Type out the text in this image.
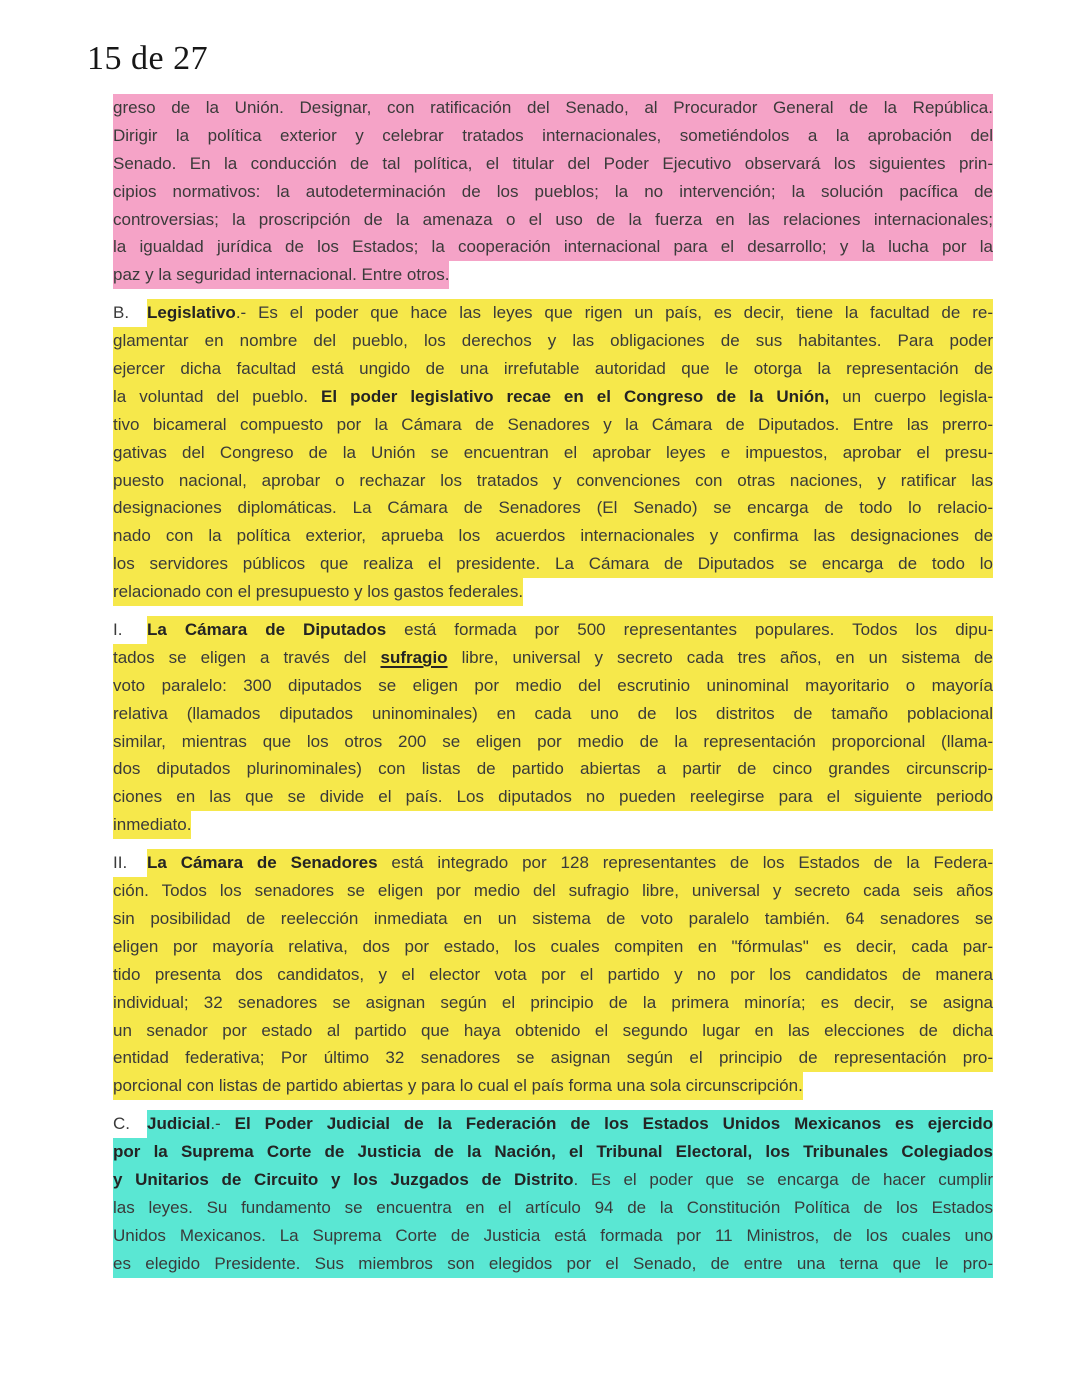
15 de 27
greso de la Unión. Designar, con ratificación del Senado, al Procurador General de la República.
Dirigir la política exterior y celebrar tratados internacionales, sometiéndolos a la aprobación del
Senado. En la conducción de tal política, el titular del Poder Ejecutivo observará los siguientes prin-
cipios normativos: la autodeterminación de los pueblos; la no intervención; la solución pacífica de
controversias; la proscripción de la amenaza o el uso de la fuerza en las relaciones internacionales;
la igualdad jurídica de los Estados; la cooperación internacional para el desarrollo; y la lucha por la
paz y la seguridad internacional. Entre otros.
B. Legislativo.- Es el poder que hace las leyes que rigen un país, es decir, tiene la facultad de re-
glamentar en nombre del pueblo, los derechos y las obligaciones de sus habitantes. Para poder
ejercer dicha facultad está ungido de una irrefutable autoridad que le otorga la representación de
la voluntad del pueblo. El poder legislativo recae en el Congreso de la Unión, un cuerpo legisla-
tivo bicameral compuesto por la Cámara de Senadores y la Cámara de Diputados. Entre las prerro-
gativas del Congreso de la Unión se encuentran el aprobar leyes e impuestos, aprobar el presu-
puesto nacional, aprobar o rechazar los tratados y convenciones con otras naciones, y ratificar las
designaciones diplomáticas. La Cámara de Senadores (El Senado) se encarga de todo lo relacio-
nado con la política exterior, aprueba los acuerdos internacionales y confirma las designaciones de
los servidores públicos que realiza el presidente. La Cámara de Diputados se encarga de todo lo
relacionado con el presupuesto y los gastos federales.
I. La Cámara de Diputados está formada por 500 representantes populares. Todos los dipu-
tados se eligen a través del sufragio libre, universal y secreto cada tres años, en un sistema de
voto paralelo: 300 diputados se eligen por medio del escrutinio uninominal mayoritario o mayoría
relativa (llamados diputados uninominales) en cada uno de los distritos de tamaño poblacional
similar, mientras que los otros 200 se eligen por medio de la representación proporcional (llama-
dos diputados plurinominales) con listas de partido abiertas a partir de cinco grandes circunscrip-
ciones en las que se divide el país. Los diputados no pueden reelegirse para el siguiente periodo
inmediato.
II. La Cámara de Senadores está integrado por 128 representantes de los Estados de la Federa-
ción. Todos los senadores se eligen por medio del sufragio libre, universal y secreto cada seis años
sin posibilidad de reelección inmediata en un sistema de voto paralelo también. 64 senadores se
eligen por mayoría relativa, dos por estado, los cuales compiten en "fórmulas" es decir, cada par-
tido presenta dos candidatos, y el elector vota por el partido y no por los candidatos de manera
individual; 32 senadores se asignan según el principio de la primera minoría; es decir, se asigna
un senador por estado al partido que haya obtenido el segundo lugar en las elecciones de dicha
entidad federativa; Por último 32 senadores se asignan según el principio de representación pro-
porcional con listas de partido abiertas y para lo cual el país forma una sola circunscripción.
C. Judicial.- El Poder Judicial de la Federación de los Estados Unidos Mexicanos es ejercido
por la Suprema Corte de Justicia de la Nación, el Tribunal Electoral, los Tribunales Colegiados
y Unitarios de Circuito y los Juzgados de Distrito. Es el poder que se encarga de hacer cumplir
las leyes. Su fundamento se encuentra en el artículo 94 de la Constitución Política de los Estados
Unidos Mexicanos. La Suprema Corte de Justicia está formada por 11 Ministros, de los cuales uno
es elegido Presidente. Sus miembros son elegidos por el Senado, de entre una terna que le pro-
